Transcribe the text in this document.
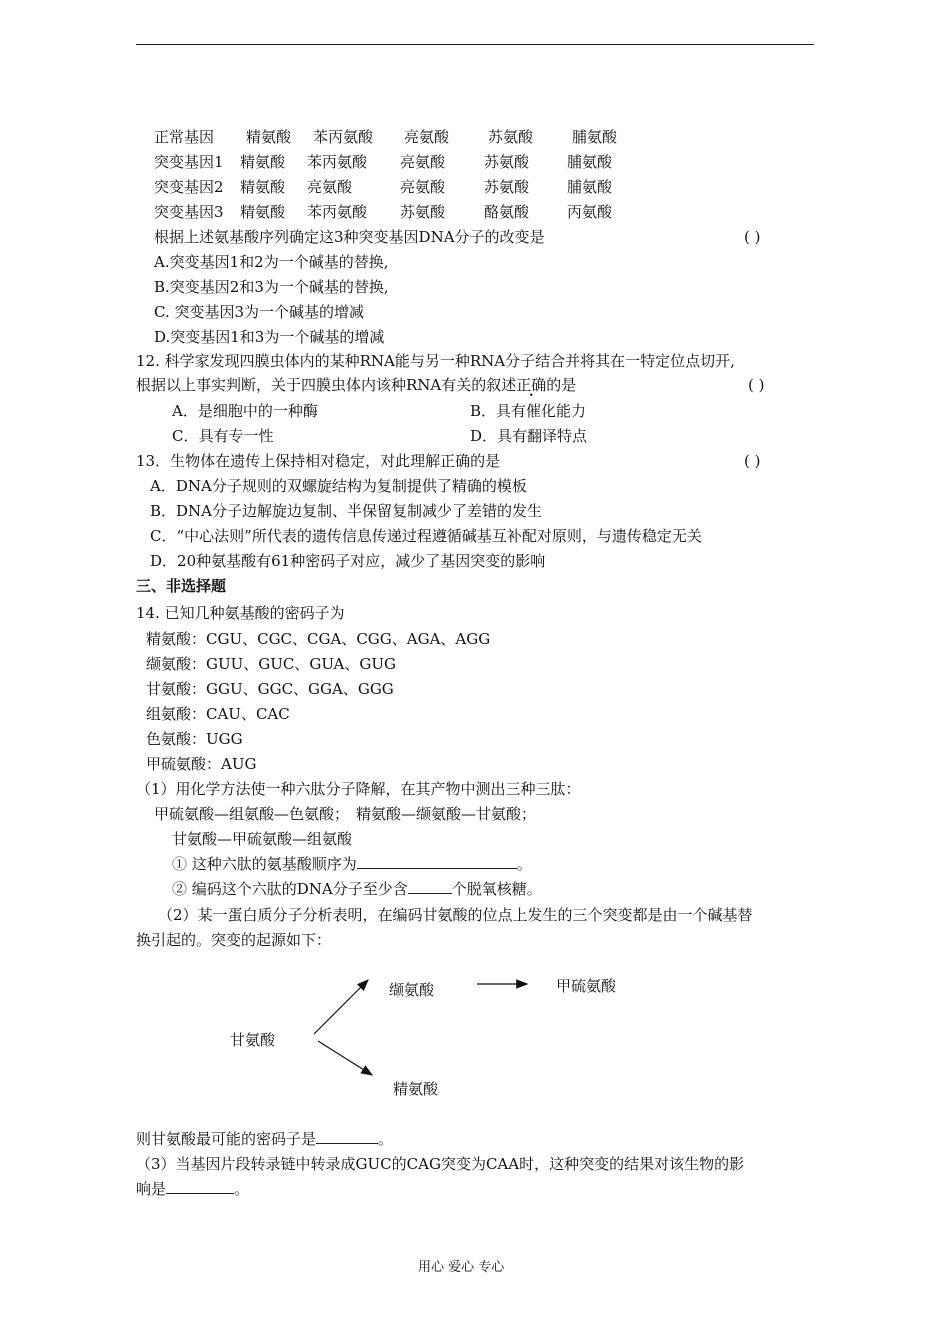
正常基因 精氨酸 苯丙氨酸 亮氨酸	苏氨酸	脯氨酸
突变基因1 精氨酸 苯丙氨酸 亮氨酸	苏氨酸	脯氨酸
突变基因2 精氨酸 亮氨酸	亮氨酸	苏氨酸	脯氨酸
突变基因3 精氨酸 苯丙氨酸 苏氨酸	酪氨酸	丙氨酸
根据上述氨基酸序列确定这3种突变基因DNA分子的改变是	( )
A.突变基因1和2为一个碱基的替换,
B.突变基因2和3为一个碱基的替换,
C. 突变基因3为一个碱基的增减
D.突变基因1和3为一个碱基的增减
12. 科学家发现四膜虫体内的某种RNA能与另一种RNA分子结合并将其在一特定位点切开,
根据以上事实判断，关于四膜虫体内该种RNA有关的叙述正确的是	( )
A．是细胞中的一种酶	B．具有催化能力
C．具有专一性	D．具有翻译特点
13．生物体在遗传上保持相对稳定，对此理解正确的是	( )
A．DNA分子规则的双螺旋结构为复制提供了精确的模板
B．DNA分子边解旋边复制、半保留复制减少了差错的发生
C．“中心法则”所代表的遗传信息传递过程遵循碱基互补配对原则，与遗传稳定无关
D．20种氨基酸有61种密码子对应，减少了基因突变的影响
三、非选择题
14. 已知几种氨基酸的密码子为
精氨酸：CGU、CGC、CGA、CGG、AGA、AGG
缬氨酸：GUU、GUC、GUA、GUG
甘氨酸：GGU、GGC、GGA、GGG
组氨酸：CAU、CAC
色氨酸：UGG
甲硫氨酸：AUG
（1）用化学方法使一种六肽分子降解，在其产物中测出三种三肽：
甲硫氨酸—组氨酸—色氨酸； 精氨酸—缬氨酸—甘氨酸；
甘氨酸—甲硫氨酸—组氨酸
① 这种六肽的氨基酸顺序为	。
② 编码这个六肽的DNA分子至少含	个脱氧核糖。
（2）某一蛋白质分子分析表明，在编码甘氨酸的位点上发生的三个突变都是由一个碱基替
换引起的。突变的起源如下：
甘氨酸
缬氨酸	甲硫氨酸
精氨酸
则甘氨酸最可能的密码子是	。
（3）当基因片段转录链中转录成GUC的CAG突变为CAA时，这种突变的结果对该生物的影
响是	。
用心 爱心 专心
